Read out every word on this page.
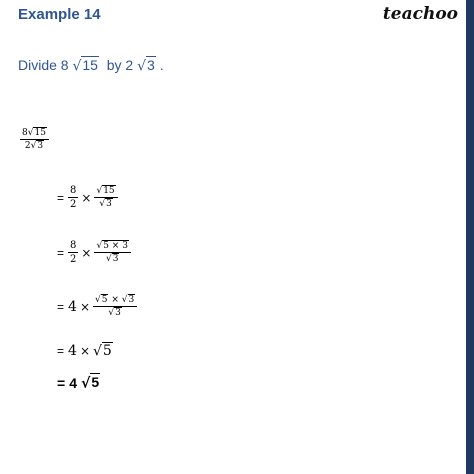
Example 14	teachoo
Divide 8 √15  by 2 √3 .
$\frac{8√15}{2√3}$
= $\frac{8}{2} \times \frac{√15}{√3}$
= $\frac{8}{2} \times \frac{√5 \times 3}{√3}$
= $4 \times \frac{√5 \times √3}{√3}$
= 4 × √5
= 4 √5
